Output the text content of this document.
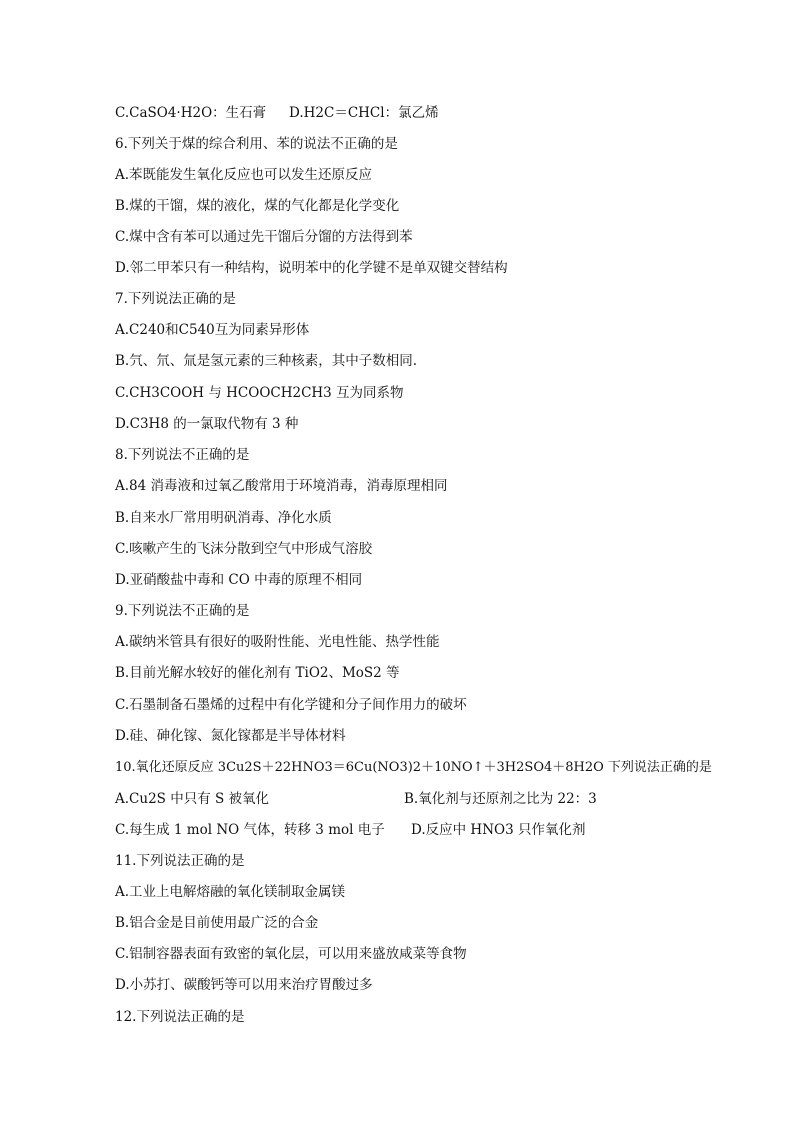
C.CaSO4·H2O：生石膏 D.H2C＝CHCl：氯乙烯
6.下列关于煤的综合利用、苯的说法不正确的是
A.苯既能发生氧化反应也可以发生还原反应
B.煤的干馏，煤的液化，煤的气化都是化学变化
C.煤中含有苯可以通过先干馏后分馏的方法得到苯
D.邻二甲苯只有一种结构，说明苯中的化学键不是单双键交替结构
7.下列说法正确的是
A.C240和C540互为同素异形体
B.氕、氘、氚是氢元素的三种核素，其中子数相同.
C.CH3COOH 与 HCOOCH2CH3 互为同系物
D.C3H8 的一氯取代物有 3 种
8.下列说法不正确的是
A.84 消毒液和过氧乙酸常用于环境消毒，消毒原理相同
B.自来水厂常用明矾消毒、净化水质
C.咳嗽产生的飞沫分散到空气中形成气溶胶
D.亚硝酸盐中毒和 CO 中毒的原理不相同
9.下列说法不正确的是
A.碳纳米管具有很好的吸附性能、光电性能、热学性能
B.目前光解水较好的催化剂有 TiO2、MoS2 等
C.石墨制备石墨烯的过程中有化学键和分子间作用力的破坏
D.硅、砷化镓、氮化镓都是半导体材料
10.氧化还原反应 3Cu2S＋22HNO3＝6Cu(NO3)2＋10NO↑＋3H2SO4＋8H2O 下列说法正确的是
A.Cu2S 中只有 S 被氧化	B.氧化剂与还原剂之比为 22：3
C.每生成 1 mol NO 气体，转移 3 mol 电子 D.反应中 HNO3 只作氧化剂
11.下列说法正确的是
A.工业上电解熔融的氧化镁制取金属镁
B.铝合金是目前使用最广泛的合金
C.铝制容器表面有致密的氧化层，可以用来盛放咸菜等食物
D.小苏打、碳酸钙等可以用来治疗胃酸过多
12.下列说法正确的是
